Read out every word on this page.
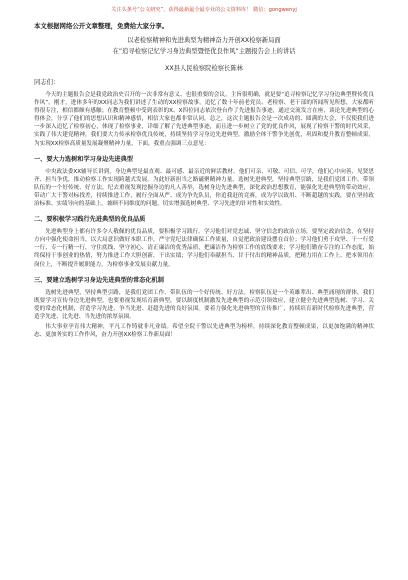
关注头条号“公文研究”，获得最新最全最专业的公文资料库！ 微信：gongwenyj
本文根据网络公开文章整理，免费给大家分享。
以老检察精神和先进典型为精神奋力开创XX检察新局面
在“追寻检察记忆学习身边典型暨怪优良作风”主题报告会上的讲话
XX县人民检察院检察长陈林
同志们：

今天的主题报告会是我党政治史召开的一次非常有意义、也很重要的会议。主旨很明确，就是要“追寻检察记忆学习身边典型暨传优良作风”。刚才，进体多年的XX同志为我们讲述了生动的XX检察故事，追忆了数十年前老党员、老检察、老干部的所闻所见所想，大家都听得很专注，相信都颇有感触；在教育整顿中受到表彰的X、X四位同志依次登台作了先进报告事迹，通过交流发言在座，谈论先进典型的心得体会，分享了他们的思想认识和精神感悟，相信大家也都非常认同，总之，这次主题报告会是一次成功的、圆满的大会，不仅使我们进一步深入追忆了检察初心，体现了检察事业，详细了解了先进典型事迹，而且进一步树立了党的优良作风，展现了检察干警的时代风采，实践了伟大建党精神，我们要大力传承检察优良传统，持续坚持学习身边先进典型，激励全体干警争先创优，巩固和提升教育整顿成果，为实现XX检察高质量发展凝聚精神力量，下面，我重点强调三点意见：

一、要大力选树和学习身边先进典型

中央政法委XX辅导长讲到，身边典型是最直观、最可感、最亲近的鲜活教材，他们可亲、可敬、可信、可学，他们心中向善、见贤思齐、担当争优，推动检察工作实现跨越式发展。为此好新担当之路磁聚精神力量。选树先进典型，坚持典型引路，是我们党团工作、带领队伍的一个好传统、好方法。纪去重视发现挖掘身边的凡人善举，选树身边先进典型，深化政治思想教育，能强化先进典型的带动效应，带动广大干警对标找差，持续推进工作，履行全面从严、成为争先队员，你追我赶的竞赛，成为学以致用、不断超越的实践，要在坚持政治标准、实绩导向的基础上，兼顾不同维度的问题，切实增强选树典型、学习先进的针对性和实效性。

二、要积极学习践行先进典型的优良品质

先进典型身上都有许多令人敬佩的优良品质，要积极学习践行。学习他们对党忠诚、坚守信念的政治立场，要坚定政治信念，在坚持方向中强化使命担当，以大局意识做好本职工作，严守党纪法律确保工作质量，自觉把政治建设摆在首位；学习他们勇于攻坚、干一行爱一行、专一行精一行，守住底线、坚守初心、清正廉洁的优秀品质，把廉洁作为检察工作的底线要求；学习他们勤奋专注的工作态度，始终保持干事创业的热情，努力推进工作大胆创新，干出实绩；学习他们奉献担当、甘于付出的精神品质，把精力用在工作上、把本领用在岗位上，不断提升履职能力，为检察事业发展贡献力量。

三、要建立选树学习身边先进典型的常态化机制

选树先进典型，坚持典型引路，是我们党团工作、带队伍的一个好传统、好方法。检察队伍是一个英雄辈出、典型涌现的群体，我们既要学习宣传身边先进典型，也要重视发现培育新典型，要以制度机制激发先进典型的示范引领效应，建立健全先进典型选树、学习、关爱的常态化机制，营造学习先进、争当先进、赶超先进的良好氛围。要着力强化先进典型的宣传推广，持续培育新时代检察先进典型，营造学先进、比先进、当先进的浓厚氛围。

伟大事业孕育伟大精神，平凡工作铸就非凡业绩。希望全院干警以先进典型为榜样，持续深化教育整顿成果，以更加饱满的精神状态、更加务实的工作作风，奋力开创XX检察工作新局面！
